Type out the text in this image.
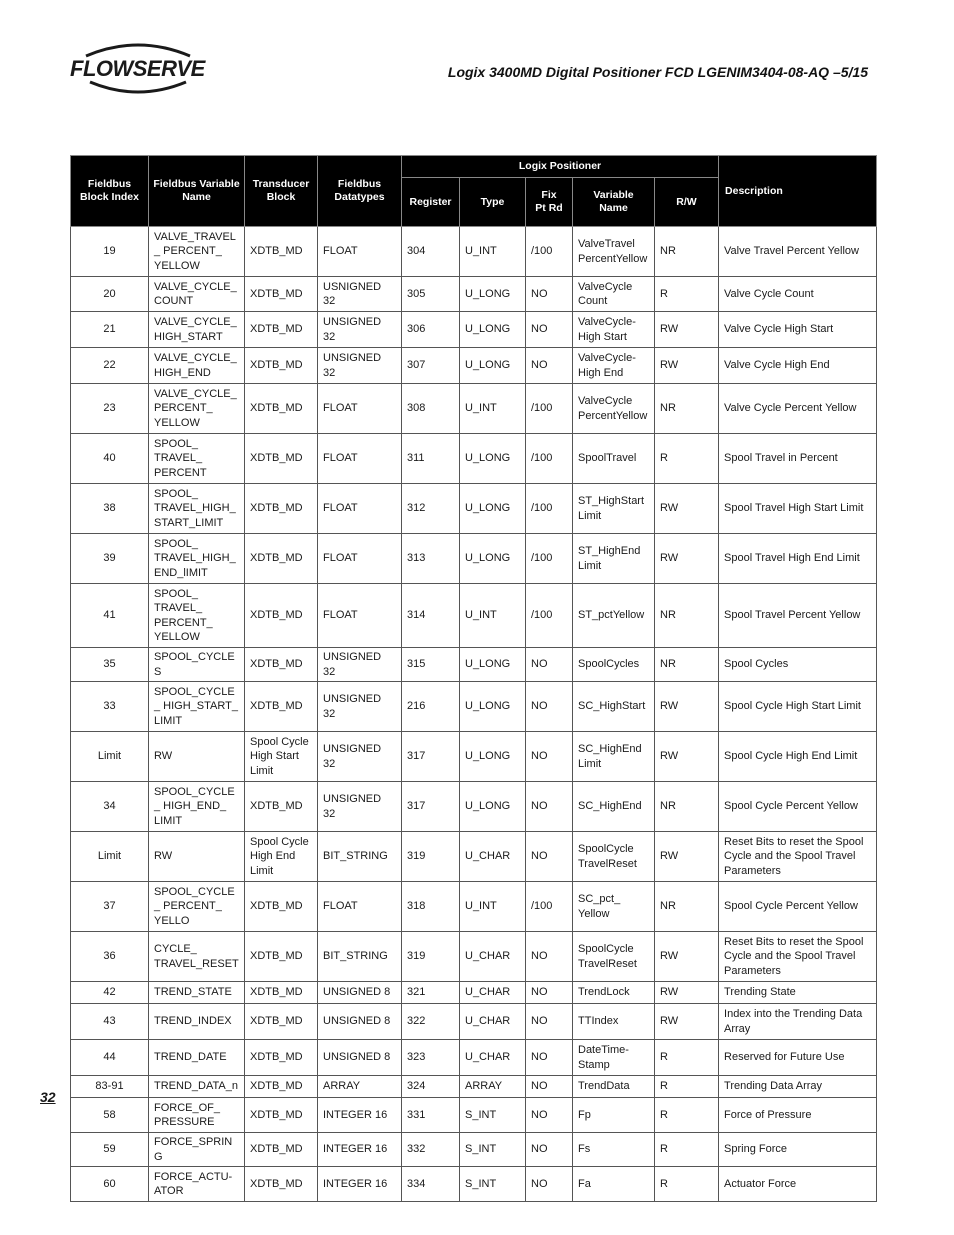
FLOWSERVE	Logix 3400MD Digital Positioner FCD LGENIM3404-08-AQ –5/15
Fieldbus Block Index	Fieldbus Variable Name	Transducer Block	Fieldbus Datatypes	Logix Positioner					Description
				Register	Type	Fix Pt Rd	Variable Name	R/W	
19	VALVE_TRAVEL_ PERCENT_ YELLOW	XDTB_MD	FLOAT	304	U_INT	/100	ValveTravel PercentYellow	NR	Valve Travel Percent Yellow
20	VALVE_CYCLE_ COUNT	XDTB_MD	USNIGNED 32	305	U_LONG	NO	ValveCycle Count	R	Valve Cycle Count
21	VALVE_CYCLE_ HIGH_START	XDTB_MD	UNSIGNED 32	306	U_LONG	NO	ValveCycle- High Start	RW	Valve Cycle High Start
22	VALVE_CYCLE_ HIGH_END	XDTB_MD	UNSIGNED 32	307	U_LONG	NO	ValveCycle- High End	RW	Valve Cycle High End
23	VALVE_CYCLE_ PERCENT_ YELLOW	XDTB_MD	FLOAT	308	U_INT	/100	ValveCycle PercentYellow	NR	Valve Cycle Percent Yellow
40	SPOOL_ TRAVEL_ PERCENT	XDTB_MD	FLOAT	311	U_LONG	/100	SpoolTravel	R	Spool Travel in Percent
38	SPOOL_ TRAVEL_HIGH_ START_LIMIT	XDTB_MD	FLOAT	312	U_LONG	/100	ST_HighStart Limit	RW	Spool Travel High Start Limit
39	SPOOL_ TRAVEL_HIGH_ END_lIMIT	XDTB_MD	FLOAT	313	U_LONG	/100	ST_HighEnd Limit	RW	Spool Travel High End Limit
41	SPOOL_ TRAVEL_ PERCENT_ YELLOW	XDTB_MD	FLOAT	314	U_INT	/100	ST_pctYellow	NR	Spool Travel Percent Yellow
35	SPOOL_CYCLES	XDTB_MD	UNSIGNED 32	315	U_LONG	NO	SpoolCycles	NR	Spool Cycles
33	SPOOL_CYCLE_ HIGH_START_ LIMIT	XDTB_MD	UNSIGNED 32	216	U_LONG	NO	SC_HighStart	RW	Spool Cycle High Start Limit
Limit	RW	Spool Cycle High Start Limit	UNSIGNED 32	317	U_LONG	NO	SC_HighEnd Limit	RW	Spool Cycle High End Limit
34	SPOOL_CYCLE_ HIGH_END_ LIMIT	XDTB_MD	UNSIGNED 32	317	U_LONG	NO	SC_HighEnd	NR	Spool Cycle Percent Yellow
Limit	RW	Spool Cycle High End Limit	BIT_STRING	319	U_CHAR	NO	SpoolCycle TravelReset	RW	Reset Bits to reset the Spool Cycle and the Spool Travel Parameters
37	SPOOL_CYCLE_ PERCENT_ YELLO	XDTB_MD	FLOAT	318	U_INT	/100	SC_pct_ Yellow	NR	Spool Cycle Percent Yellow
36	CYCLE_ TRAVEL_RESET	XDTB_MD	BIT_STRING	319	U_CHAR	NO	SpoolCycle TravelReset	RW	Reset Bits to reset the Spool Cycle and the Spool Travel Parameters
42	TREND_STATE	XDTB_MD	UNSIGNED 8	321	U_CHAR	NO	TrendLock	RW	Trending State
43	TREND_INDEX	XDTB_MD	UNSIGNED 8	322	U_CHAR	NO	TTIndex	RW	Index into the Trending Data Array
44	TREND_DATE	XDTB_MD	UNSIGNED 8	323	U_CHAR	NO	DateTime- Stamp	R	Reserved for Future Use
83-91	TREND_DATA_n	XDTB_MD	ARRAY	324	ARRAY	NO	TrendData	R	Trending Data Array
58	FORCE_OF_ PRESSURE	XDTB_MD	INTEGER 16	331	S_INT	NO	Fp	R	Force of Pressure
59	FORCE_SPRING	XDTB_MD	INTEGER 16	332	S_INT	NO	Fs	R	Spring Force
60	FORCE_ACTU- ATOR	XDTB_MD	INTEGER 16	334	S_INT	NO	Fa	R	Actuator Force
32
